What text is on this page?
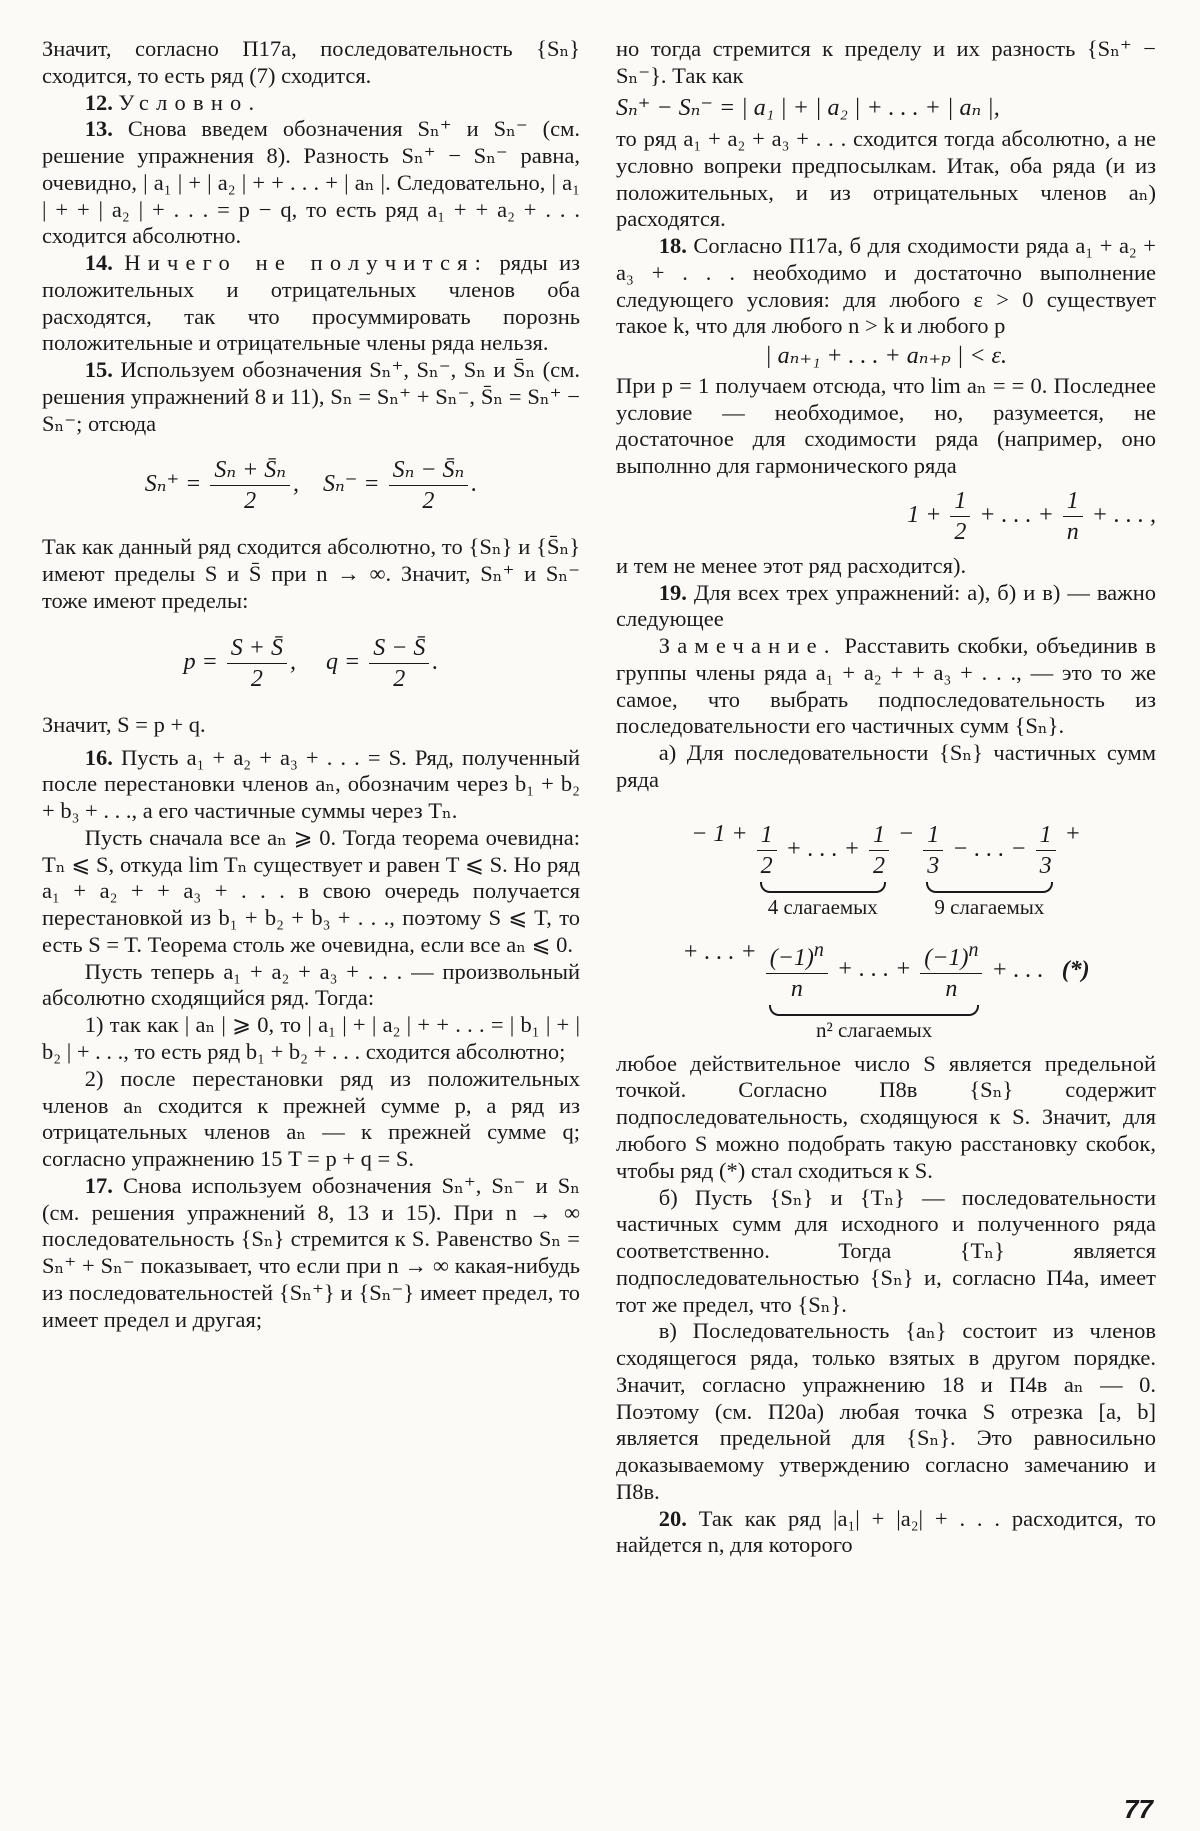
Значит, согласно П17а, последовательность {Sₙ} сходится, то есть ряд (7) сходится.

12. Условно.

13. Снова введем обозначения Sₙ⁺ и Sₙ⁻ (см. решение упражнения 8). Разность Sₙ⁺ − Sₙ⁻ равна, очевидно, | a₁ | + | a₂ | + + . . . + | aₙ |. Следовательно, | a₁ | + + | a₂ | + . . . = p − q, то есть ряд a₁ + + a₂ + . . . сходится абсолютно.

14. Ничего не получится: ряды из положительных и отрицательных членов оба расходятся, так что просуммировать порознь положительные и отрицательные члены ряда нельзя.

15. Используем обозначения Sₙ⁺, Sₙ⁻, Sₙ и S̄ₙ (см. решения упражнений 8 и 11), Sₙ = Sₙ⁺ + Sₙ⁻, S̄ₙ = Sₙ⁺ − Sₙ⁻; отсюда

$S_n^+ = \frac{\text{Sₙ + S̄ₙ}}{2}$ ,    $S_n^- = \frac{\text{Sₙ − S̄ₙ}}{2}$ .

Так как данный ряд сходится абсолютно, то {Sₙ} и {S̄ₙ} имеют пределы S и S̄ при n → ∞. Значит, Sₙ⁺ и Sₙ⁻ тоже имеют пределы:

$p = \frac{S + S̄}{2}$ ,     $q = \frac{S - S̄}{2}$ .

Значит, S = p + q.

16. Пусть a₁ + a₂ + a₃ + . . . = S. Ряд, полученный после перестановки членов aₙ, обозначим через b₁ + b₂ + b₃ + . . ., а его частичные суммы через Tₙ.

Пусть сначала все aₙ ⩾ 0. Тогда теорема очевидна: Tₙ ⩽ S, откуда lim Tₙ существует и равен T ⩽ S. Но ряд a₁ + a₂ + + a₃ + . . . в свою очередь получается перестановкой из b₁ + b₂ + b₃ + . . ., поэтому S ⩽ T, то есть S = T. Теорема столь же очевидна, если все aₙ ⩽ 0.

Пусть теперь a₁ + a₂ + a₃ + . . . — произвольный абсолютно сходящийся ряд. Тогда:

1) так как | aₙ | ⩾ 0, то | a₁ | + | a₂ | + + . . . = | b₁ | + | b₂ | + . . ., то есть ряд b₁ + b₂ + . . . сходится абсолютно;

2) после перестановки ряд из положительных членов aₙ сходится к прежней сумме p, а ряд из отрицательных членов aₙ — к прежней сумме q; согласно упражнению 15 T = p + q = S.

17. Снова используем обозначения Sₙ⁺, Sₙ⁻ и Sₙ (см. решения упражнений 8, 13 и 15). При n → ∞ последовательность {Sₙ} стремится к S. Равенство Sₙ = Sₙ⁺ + Sₙ⁻ показывает, что если при n → ∞ какая-нибудь из последовательностей {Sₙ⁺} и {Sₙ⁻} имеет предел, то имеет предел и другая;

но тогда стремится к пределу и их разность {Sₙ⁺ − Sₙ⁻}. Так как

Sₙ⁺ − Sₙ⁻ = | a₁ | + | a₂ | + . . . + | aₙ |,

то ряд a₁ + a₂ + a₃ + . . . сходится тогда абсолютно, а не условно вопреки предпосылкам. Итак, оба ряда (и из положительных, и из отрицательных членов aₙ) расходятся.

18. Согласно П17а, б для сходимости ряда a₁ + a₂ + a₃ + . . . необходимо и достаточно выполнение следующего условия: для любого ε > 0 существует такое k, что для любого n > k и любого p

| aₙ₊₁ + . . . + aₙ₊ₚ | < ε.

При p = 1 получаем отсюда, что lim aₙ = = 0. Последнее условие — необходимое, но, разумеется, не достаточное для сходимости ряда (например, оно выполнно для гармонического ряда

$1 + \frac{1}{2}$ + . . . + $\frac{1}{n}$ + . . . ,

и тем не менее этот ряд расходится).

19. Для всех трех упражнений: а), б) и в) — важно следующее

Замечание. Расставить скобки, объединив в группы члены ряда a₁ + a₂ + + a₃ + . . ., — это то же самое, что выбрать подпоследовательность из последовательности его частичных сумм {Sₙ}.

а) Для последовательности {Sₙ} частичных сумм ряда

− $1 + \frac{1}{2}$ + . . . + $\frac{1}{2}$
4 слагаемых
− $\frac{1}{3}$ − . . . − $\frac{1}{3}$
9 слагаемых
+
+ . . . + $\frac{(-1)^n}{n}$ + . . . + $\frac{(-1)^n}{n}$
n² слагаемых
+ . . .   (*)

любое действительное число S является предельной точкой. Согласно П8в {Sₙ} содержит подпоследовательность, сходящуюся к S. Значит, для любого S можно подобрать такую расстановку скобок, чтобы ряд (*) стал сходиться к S.

б) Пусть {Sₙ} и {Tₙ} — последовательности частичных сумм для исходного и полученного ряда соответственно. Тогда {Tₙ} является подпоследовательностью {Sₙ} и, согласно П4а, имеет тот же предел, что {Sₙ}.

в) Последовательность {aₙ} состоит из членов сходящегося ряда, только взятых в другом порядке. Значит, согласно упражнению 18 и П4в aₙ — 0. Поэтому (см. П20а) любая точка S отрезка [a, b] является предельной для {Sₙ}. Это равносильно доказываемому утверждению согласно замечанию и П8в.

20. Так как ряд |a₁| + |a₂| + . . . расходится, то найдется n, для которого

77
